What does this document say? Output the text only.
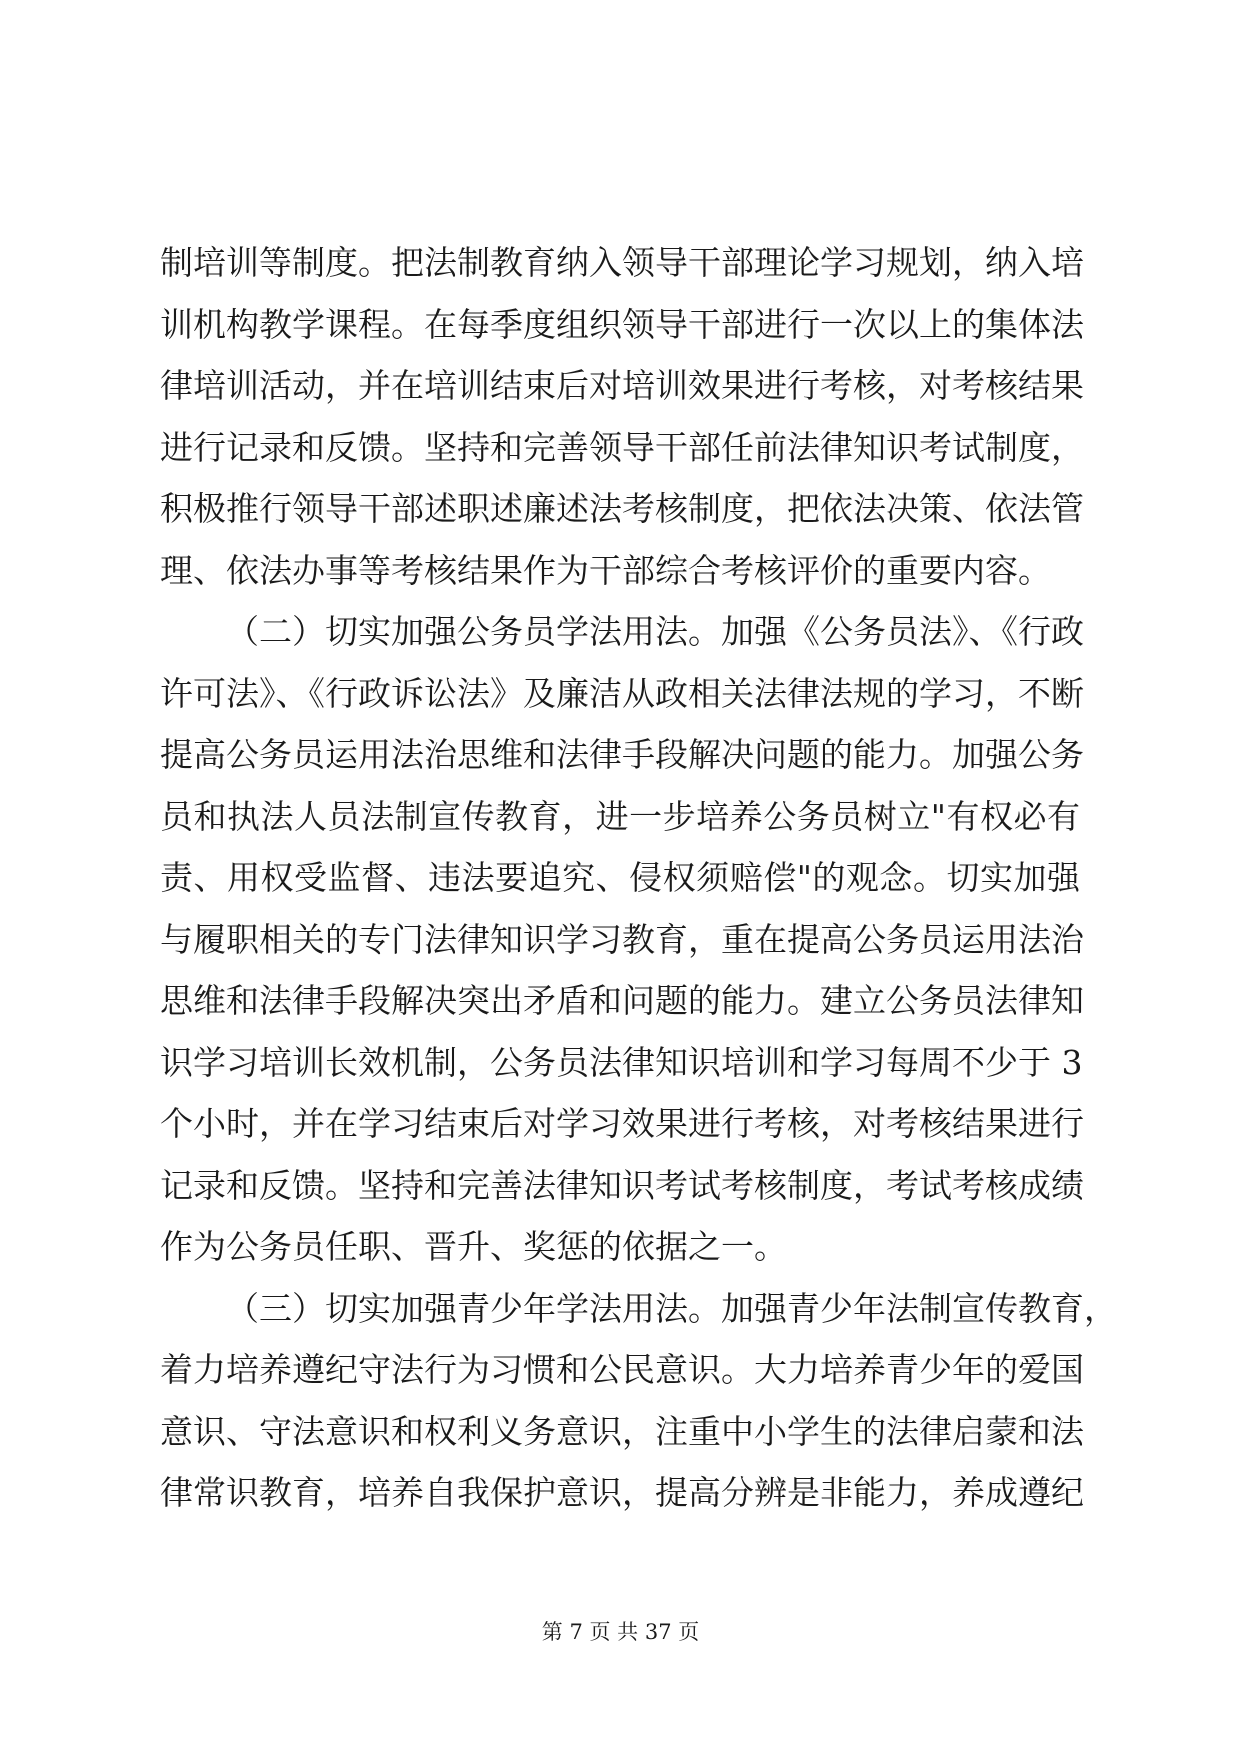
制培训等制度。把法制教育纳入领导干部理论学习规划，纳入培
训机构教学课程。在每季度组织领导干部进行一次以上的集体法
律培训活动，并在培训结束后对培训效果进行考核，对考核结果
进行记录和反馈。坚持和完善领导干部任前法律知识考试制度，
积极推行领导干部述职述廉述法考核制度，把依法决策、依法管
理、依法办事等考核结果作为干部综合考核评价的重要内容。
（二）切实加强公务员学法用法。加强《公务员法》、《行政
许可法》、《行政诉讼法》及廉洁从政相关法律法规的学习，不断
提高公务员运用法治思维和法律手段解决问题的能力。加强公务
员和执法人员法制宣传教育，进一步培养公务员树立"有权必有
责、用权受监督、违法要追究、侵权须赔偿"的观念。切实加强
与履职相关的专门法律知识学习教育，重在提高公务员运用法治
思维和法律手段解决突出矛盾和问题的能力。建立公务员法律知
识学习培训长效机制，公务员法律知识培训和学习每周不少于 3
个小时，并在学习结束后对学习效果进行考核，对考核结果进行
记录和反馈。坚持和完善法律知识考试考核制度，考试考核成绩
作为公务员任职、晋升、奖惩的依据之一。
（三）切实加强青少年学法用法。加强青少年法制宣传教育，
着力培养遵纪守法行为习惯和公民意识。大力培养青少年的爱国
意识、守法意识和权利义务意识，注重中小学生的法律启蒙和法
律常识教育，培养自我保护意识，提高分辨是非能力，养成遵纪
第 7 页 共 37 页
